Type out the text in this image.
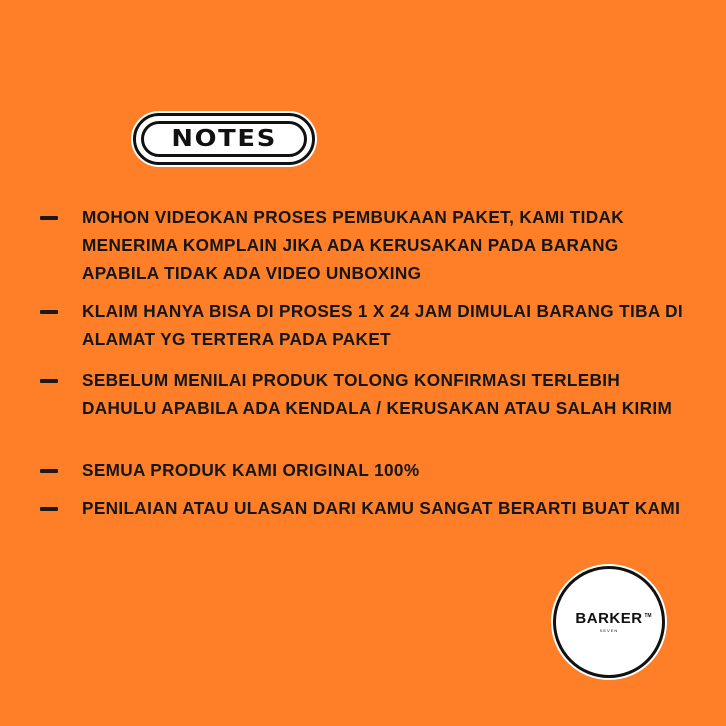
NOTES
MOHON VIDEOKAN PROSES PEMBUKAAN PAKET, KAMI TIDAK MENERIMA KOMPLAIN JIKA ADA KERUSAKAN PADA BARANG APABILA TIDAK ADA VIDEO UNBOXING
KLAIM HANYA BISA DI PROSES 1 X 24 JAM DIMULAI BARANG TIBA DI ALAMAT YG TERTERA PADA PAKET
SEBELUM MENILAI PRODUK TOLONG KONFIRMASI TERLEBIH DAHULU APABILA ADA KENDALA / KERUSAKAN ATAU SALAH KIRIM
SEMUA PRODUK KAMI ORIGINAL 100%
PENILAIAN ATAU ULASAN DARI KAMU SANGAT BERARTI BUAT KAMI
BARKER TM
SEVEN
